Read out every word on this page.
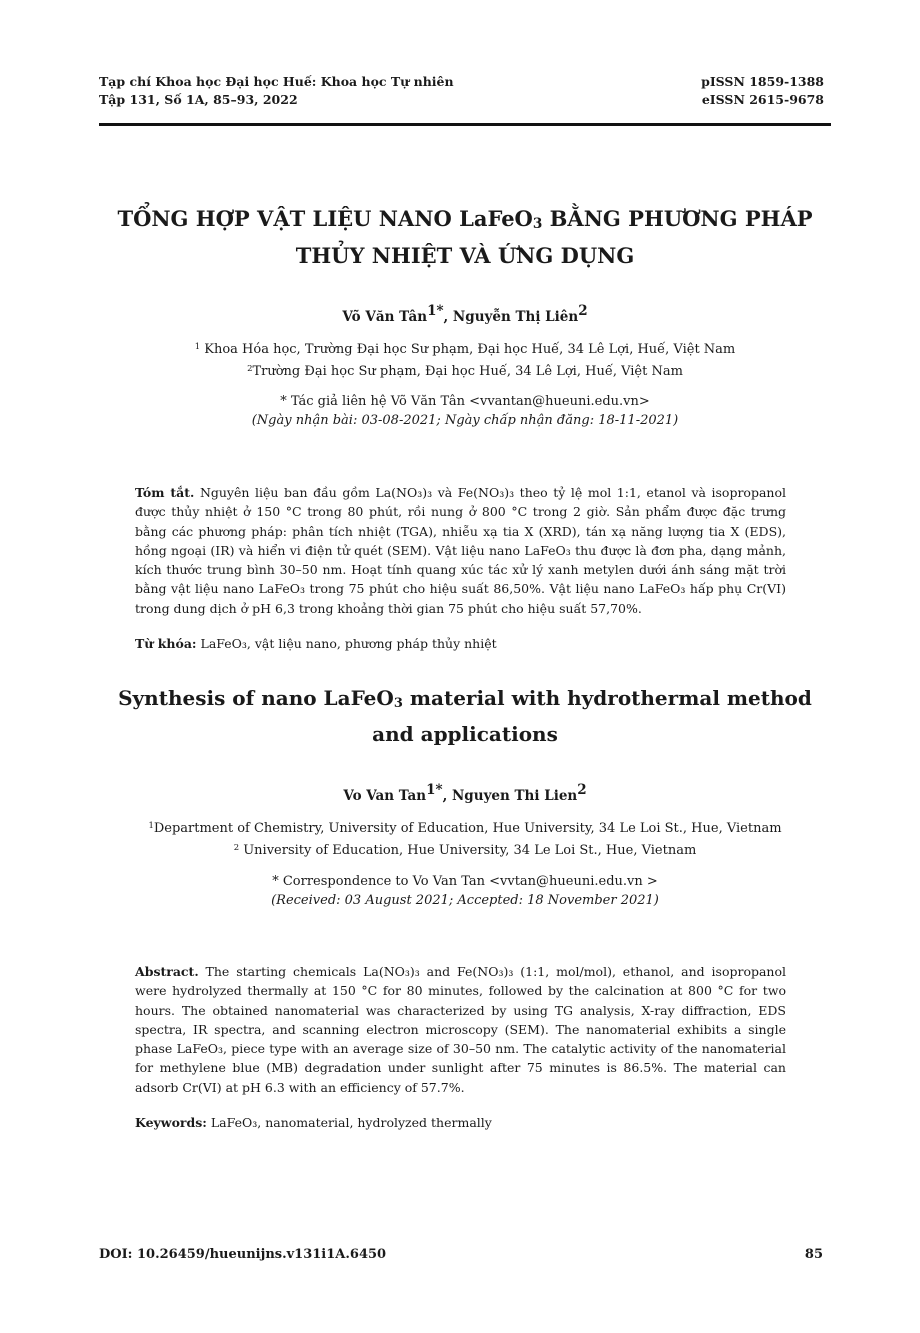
Tạp chí Khoa học Đại học Huế: Khoa học Tự nhiên
Tập 131, Số 1A, 85–93, 2022
pISSN 1859-1388
eISSN 2615-9678
TỔNG HỢP VẬT LIỆU NANO LaFeO3 BẰNG PHƯƠNG PHÁP
THỦY NHIỆT VÀ ỨNG DỤNG
Võ Văn Tân1*, Nguyễn Thị Liên2
$^1$ Khoa Hóa học, Trường Đại học Sư phạm, Đại học Huế, 34 Lê Lợi, Huế, Việt Nam
$^2$Trường Đại học Sư phạm, Đại học Huế, 34 Lê Lợi, Huế, Việt Nam
* Tác giả liên hệ Võ Văn Tân <vvantan@hueuni.edu.vn>
(Ngày nhận bài: 03-08-2021; Ngày chấp nhận đăng: 18-11-2021)
Tóm tắt. Nguyên liệu ban đầu gồm La(NO₃)₃ và Fe(NO₃)₃ theo tỷ lệ mol 1:1, etanol và isopropanol được thủy nhiệt ở 150 °C trong 80 phút, rồi nung ở 800 °C trong 2 giờ. Sản phẩm được đặc trưng bằng các phương pháp: phân tích nhiệt (TGA), nhiễu xạ tia X (XRD), tán xạ năng lượng tia X (EDS), hồng ngoại (IR) và hiển vi điện tử quét (SEM). Vật liệu nano LaFeO₃ thu được là đơn pha, dạng mảnh, kích thước trung bình 30–50 nm. Hoạt tính quang xúc tác xử lý xanh metylen dưới ánh sáng mặt trời bằng vật liệu nano LaFeO₃ trong 75 phút cho hiệu suất 86,50%. Vật liệu nano LaFeO₃ hấp phụ Cr(VI) trong dung dịch ở pH 6,3 trong khoảng thời gian 75 phút cho hiệu suất 57,70%.
Từ khóa: LaFeO₃, vật liệu nano, phương pháp thủy nhiệt
Synthesis of nano LaFeO3 material with hydrothermal method
and applications
Vo Van Tan1*, Nguyen Thi Lien2
$^1$Department of Chemistry, University of Education, Hue University, 34 Le Loi St., Hue, Vietnam
$^2$ University of Education, Hue University, 34 Le Loi St., Hue, Vietnam
* Correspondence to Vo Van Tan <vvtan@hueuni.edu.vn >
(Received: 03 August 2021; Accepted: 18 November 2021)
Abstract. The starting chemicals La(NO₃)₃ and Fe(NO₃)₃ (1:1, mol/mol), ethanol, and isopropanol were hydrolyzed thermally at 150 °C for 80 minutes, followed by the calcination at 800 °C for two hours. The obtained nanomaterial was characterized by using TG analysis, X-ray diffraction, EDS spectra, IR spectra, and scanning electron microscopy (SEM). The nanomaterial exhibits a single phase LaFeO₃, piece type with an average size of 30–50 nm. The catalytic activity of the nanomaterial for methylene blue (MB) degradation under sunlight after 75 minutes is 86.5%. The material can adsorb Cr(VI) at pH 6.3 with an efficiency of 57.7%.
Keywords: LaFeO₃, nanomaterial, hydrolyzed thermally
DOI: 10.26459/hueunijns.v131i1A.6450	85
